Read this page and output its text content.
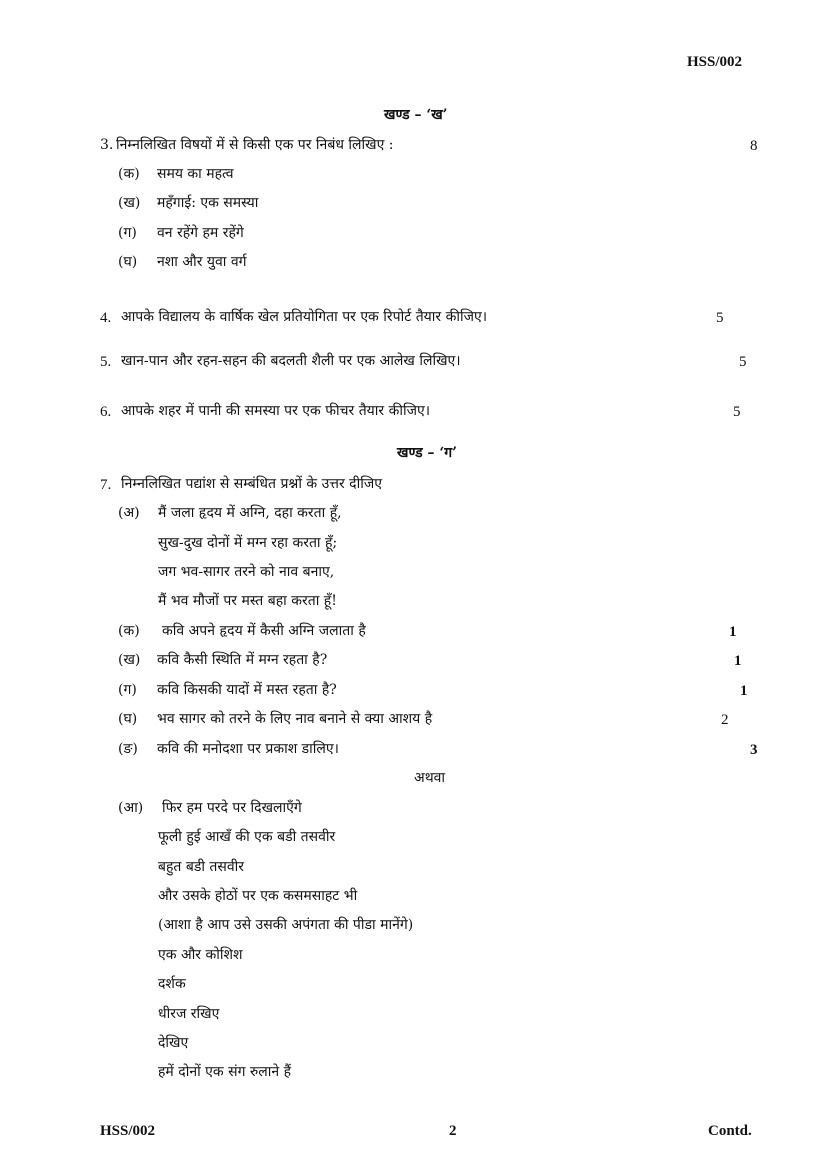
HSS/002
खण्ड – ‘ख’
3. निम्नलिखित विषयों में से किसी एक पर निबंध लिखिए :	8
(क) समय का महत्व
(ख) महँगाई: एक समस्या
(ग) वन रहेंगे हम रहेंगे
(घ) नशा और युवा वर्ग
4. आपके विद्यालय के वार्षिक खेल प्रतियोगिता पर एक रिपोर्ट तैयार कीजिए।	5
5. खान-पान और रहन-सहन की बदलती शैली पर एक आलेख लिखिए।	5
6. आपके शहर में पानी की समस्या पर एक फीचर तैयार कीजिए।	5
खण्ड – ‘ग’
7. निम्नलिखित पद्यांश से सम्बंधित प्रश्नों के उत्तर दीजिए
(अ) मैं जला हृदय में अग्नि, दहा करता हूँ,
सुख-दुख दोनों में मग्न रहा करता हूँ;
जग भव-सागर तरने को नाव बनाए,
मैं भव मौजों पर मस्त बहा करता हूँ!
(क) कवि अपने हृदय में कैसी अग्नि जलाता है	1
(ख) कवि कैसी स्थिति में मग्न रहता है?	1
(ग) कवि किसकी यादों में मस्त रहता है?	1
(घ) भव सागर को तरने के लिए नाव बनाने से क्या आशय है	2
(ङ) कवि की मनोदशा पर प्रकाश डालिए।	3
अथवा
(आ) फिर हम परदे पर दिखलाएँगे
फूली हुई आखँ की एक बडी तसवीर
बहुत बडी तसवीर
और उसके होठों पर एक कसमसाहट भी
(आशा है आप उसे उसकी अपंगता की पीडा मानेंगे)
एक और कोशिश
दर्शक
धीरज रखिए
देखिए
हमें दोनों एक संग रुलाने हैं
HSS/002	2	Contd.
